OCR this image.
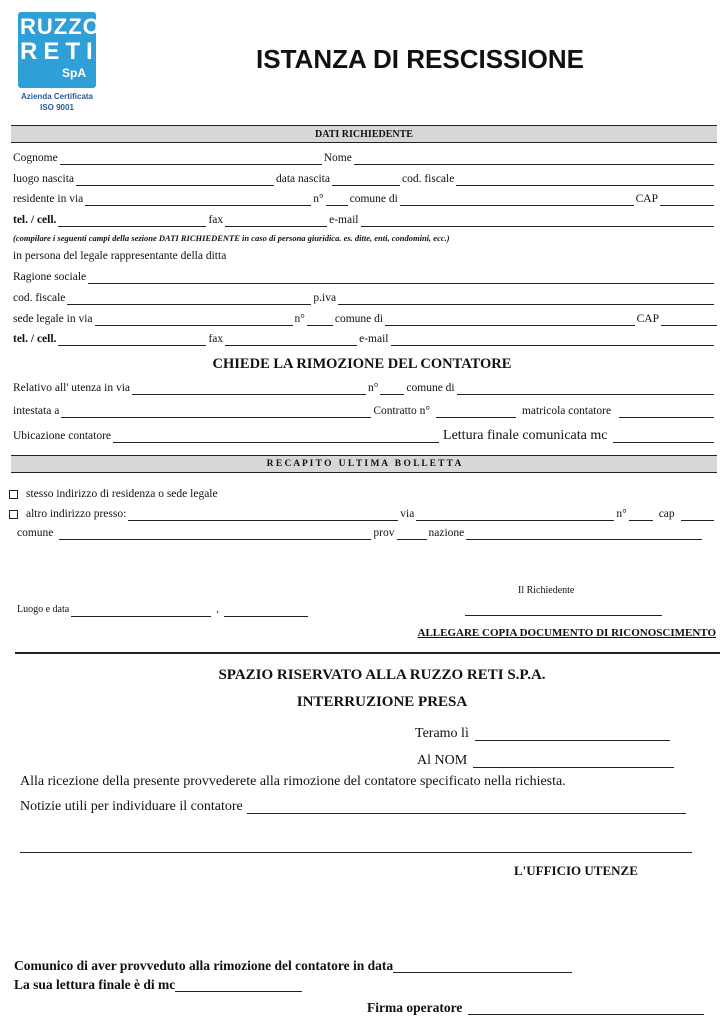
RUZZO
RETI
SpA
Azienda Certificata
ISO 9001
ISTANZA DI RESCISSIONE
DATI RICHIEDENTE
Cognome	Nome
luogo nascita	data nascita	cod. fiscale
residente in via	n° comune di	CAP
tel. / cell.	fax	e-mail
(compilare i seguenti campi della sezione DATI RICHIEDENTE in caso di persona giuridica. es. ditte, enti, condomini, ecc.)
in persona del legale rappresentante della ditta
Ragione sociale
cod. fiscale	p.iva
sede legale in via	n°	comune di	CAP
tel. / cell.	fax	e-mail
CHIEDE LA RIMOZIONE DEL CONTATORE
Relativo all' utenza in via	n° comune di
intestata a	Contratto n°	matricola contatore
Ubicazione contatore	Lettura finale comunicata mc
R E C A P I T O   U L T I M A   B O L L E T T A
stesso indirizzo di residenza o sede legale
altro indirizzo presso:	via	n°	cap
comune	prov	nazione
Il Richiedente
Luogo e data	,
ALLEGARE COPIA DOCUMENTO DI RICONOSCIMENTO
SPAZIO RISERVATO ALLA RUZZO RETI S.P.A.
INTERRUZIONE PRESA
Teramo lì
Al NOM
Alla ricezione della presente provvederete alla rimozione del contatore specificato nella richiesta.
Notizie utili per individuare il contatore
L'UFFICIO UTENZE
Comunico di aver provveduto alla rimozione del contatore in data
La sua lettura finale è di mc
Firma operatore
